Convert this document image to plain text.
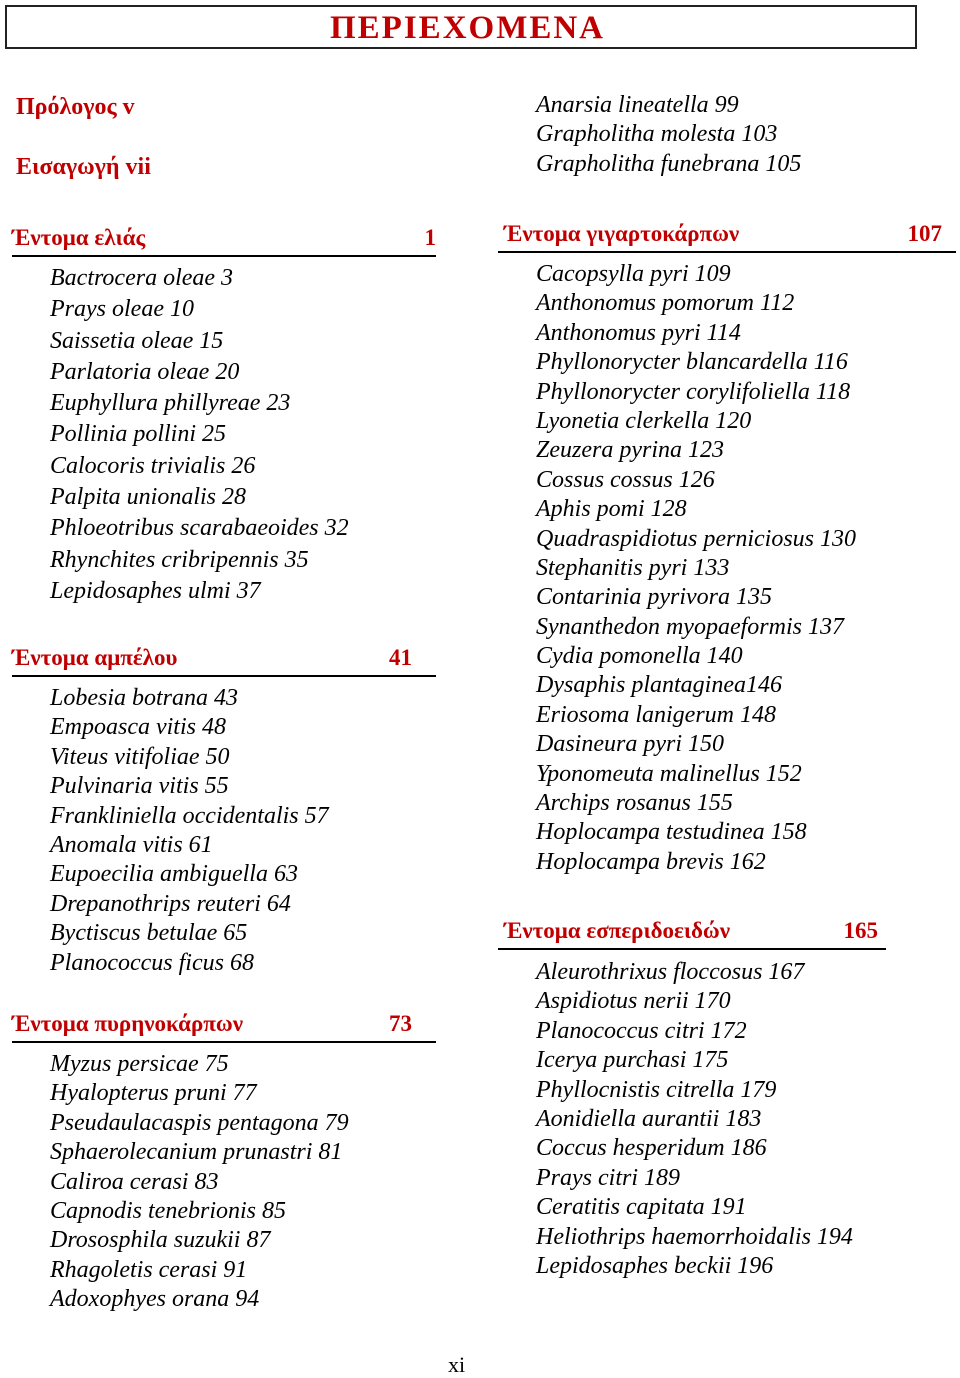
ΠΕΡΙΕΧΟΜΕΝΑ
Πρόλογος v
Εισαγωγή vii
Έντομα ελιάς	1
Bactrocera oleae 3
Prays oleae 10
Saissetia oleae 15
Parlatoria oleae 20
Euphyllura phillyreae 23
Pollinia pollini 25
Calocoris trivialis 26
Palpita unionalis 28
Phloeotribus scarabaeoides 32
Rhynchites cribripennis 35
Lepidosaphes ulmi 37
Έντομα αμπέλου	41
Lobesia botrana 43
Empoasca vitis 48
Viteus vitifoliae 50
Pulvinaria vitis 55
Frankliniella occidentalis 57
Anomala vitis 61
Eupoecilia ambiguella 63
Drepanothrips reuteri 64
Byctiscus betulae 65
Planococcus ficus 68
Έντομα πυρηνοκάρπων	73
Myzus persicae 75
Hyalopterus pruni 77
Pseudaulacaspis pentagona 79
Sphaerolecanium prunastri 81
Caliroa cerasi 83
Capnodis tenebrionis 85
Drososphila suzukii 87
Rhagoletis cerasi 91
Adoxophyes orana 94
Anarsia lineatella 99
Grapholitha molesta 103
Grapholitha funebrana 105
Έντομα γιγαρτοκάρπων	107
Cacopsylla pyri 109
Anthonomus pomorum 112
Anthonomus pyri 114
Phyllonorycter blancardella 116
Phyllonorycter corylifoliella 118
Lyonetia clerkella 120
Zeuzera pyrina 123
Cossus cossus 126
Aphis pomi 128
Quadraspidiotus perniciosus 130
Stephanitis pyri 133
Contarinia pyrivora 135
Synanthedon myopaeformis 137
Cydia pomonella 140
Dysaphis plantaginea146
Eriosoma lanigerum 148
Dasineura pyri 150
Yponomeuta malinellus 152
Archips rosanus 155
Hoplocampa testudinea 158
Hoplocampa brevis 162
Έντομα εσπεριδοειδών	165
Aleurothrixus floccosus 167
Aspidiotus nerii 170
Planococcus citri 172
Icerya purchasi 175
Phyllocnistis citrella 179
Aonidiella aurantii 183
Coccus hesperidum 186
Prays citri 189
Ceratitis capitata 191
Heliothrips haemorrhoidalis 194
Lepidosaphes beckii 196
xi
